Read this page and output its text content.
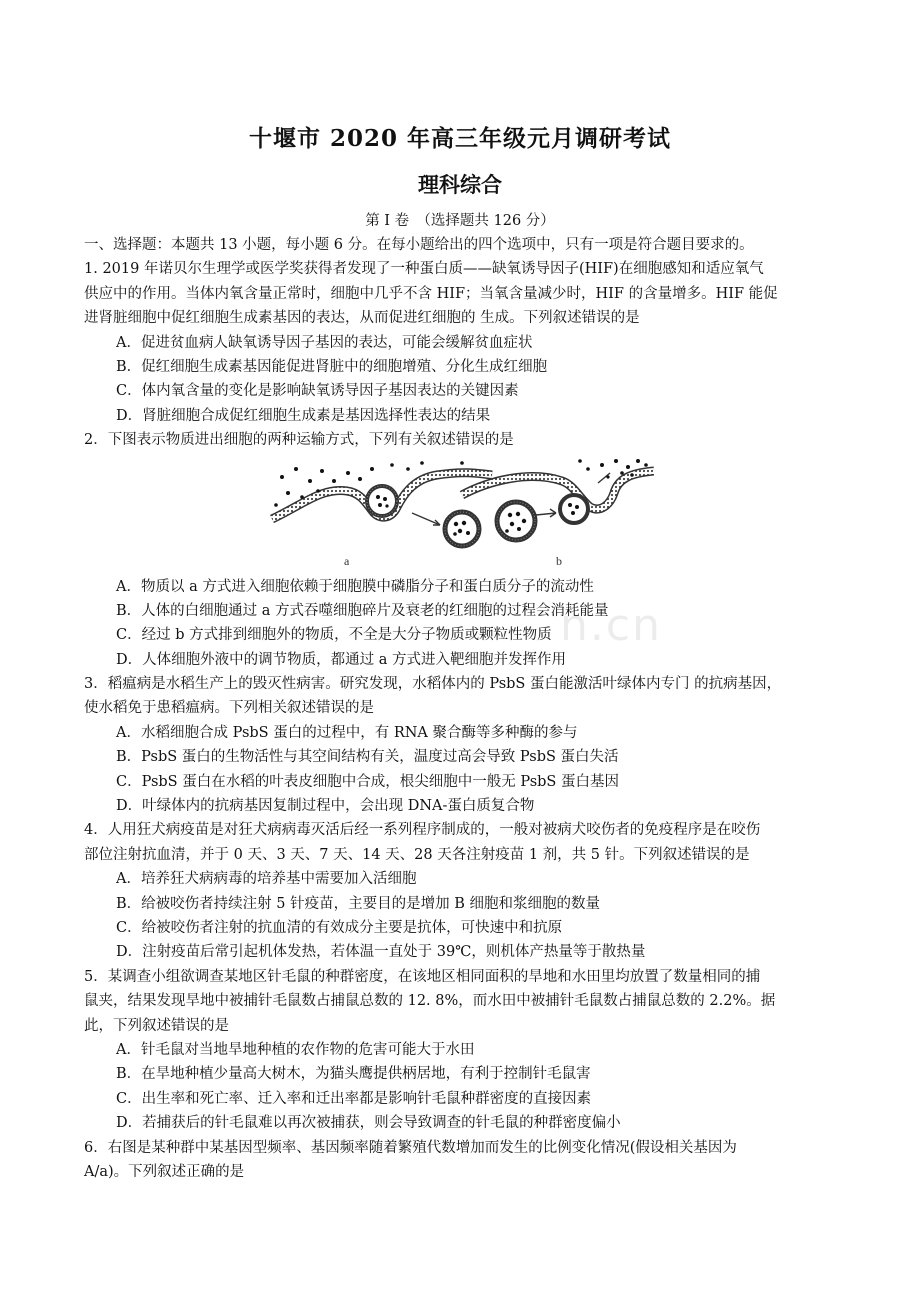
十堰市 2020 年高三年级元月调研考试
理科综合
第 I 卷　（选择题共 126 分）
一、选择题：本题共 13 小题，每小题 6 分。在每小题给出的四个选项中，只有一项是符合题目要求的。
1. 2019 年诺贝尔生理学或医学奖获得者发现了一种蛋白质——缺氧诱导因子(HIF)在细胞感知和适应氧气
供应中的作用。当体内氧含量正常时，细胞中几乎不含 HIF；当氧含量减少时，HIF 的含量增多。HIF 能促
进肾脏细胞中促红细胞生成素基因的表达，从而促进红细胞的 生成。下列叙述错误的是
A．促进贫血病人缺氧诱导因子基因的表达，可能会缓解贫血症状
B．促红细胞生成素基因能促进肾脏中的细胞增殖、分化生成红细胞
C．体内氧含量的变化是影响缺氧诱导因子基因表达的关键因素
D．肾脏细胞合成促红细胞生成素是基因选择性表达的结果
2．下图表示物质进出细胞的两种运输方式，下列有关叙述错误的是
a	b
A．物质以 a 方式进入细胞依赖于细胞膜中磷脂分子和蛋白质分子的流动性
B．人体的白细胞通过 a 方式吞噬细胞碎片及衰老的红细胞的过程会消耗能量
C．经过 b 方式排到细胞外的物质，不全是大分子物质或颗粒性物质
D．人体细胞外液中的调节物质，都通过 a 方式进入靶细胞并发挥作用
3．稻瘟病是水稻生产上的毁灭性病害。研究发现，水稻体内的 PsbS 蛋白能激活叶绿体内专门 的抗病基因，
使水稻免于患稻瘟病。下列相关叙述错误的是
A．水稻细胞合成 PsbS 蛋白的过程中，有 RNA 聚合酶等多种酶的参与
B．PsbS 蛋白的生物活性与其空间结构有关，温度过高会导致 PsbS 蛋白失活
C．PsbS 蛋白在水稻的叶表皮细胞中合成，根尖细胞中一般无 PsbS 蛋白基因
D．叶绿体内的抗病基因复制过程中，会出现 DNA-蛋白质复合物
4．人用狂犬病疫苗是对狂犬病病毒灭活后经一系列程序制成的，一般对被病犬咬伤者的免疫程序是在咬伤
部位注射抗血清，并于 0 天、3 天、7 天、14 天、28 天各注射疫苗 1 剂，共 5 针。下列叙述错误的是
A．培养狂犬病病毒的培养基中需要加入活细胞
B．给被咬伤者持续注射 5 针疫苗，主要目的是增加 B 细胞和浆细胞的数量
C．给被咬伤者注射的抗血清的有效成分主要是抗体，可快速中和抗原
D．注射疫苗后常引起机体发热，若体温一直处于 39℃，则机体产热量等于散热量
5．某调查小组欲调查某地区针毛鼠的种群密度，在该地区相同面积的旱地和水田里均放置了数量相同的捕
鼠夹，结果发现旱地中被捕针毛鼠数占捕鼠总数的 12. 8%，而水田中被捕针毛鼠数占捕鼠总数的 2.2%。据
此，下列叙述错误的是
A．针毛鼠对当地旱地种植的农作物的危害可能大于水田
B．在旱地种植少量高大树木，为猫头鹰提供柄居地，有利于控制针毛鼠害
C．出生率和死亡率、迁入率和迁出率都是影响针毛鼠种群密度的直接因素
D．若捕获后的针毛鼠难以再次被捕获，则会导致调查的针毛鼠的种群密度偏小
6．右图是某种群中某基因型频率、基因频率随着繁殖代数增加而发生的比例变化情况(假设相关基因为
A/a)。下列叙述正确的是
n.cn
